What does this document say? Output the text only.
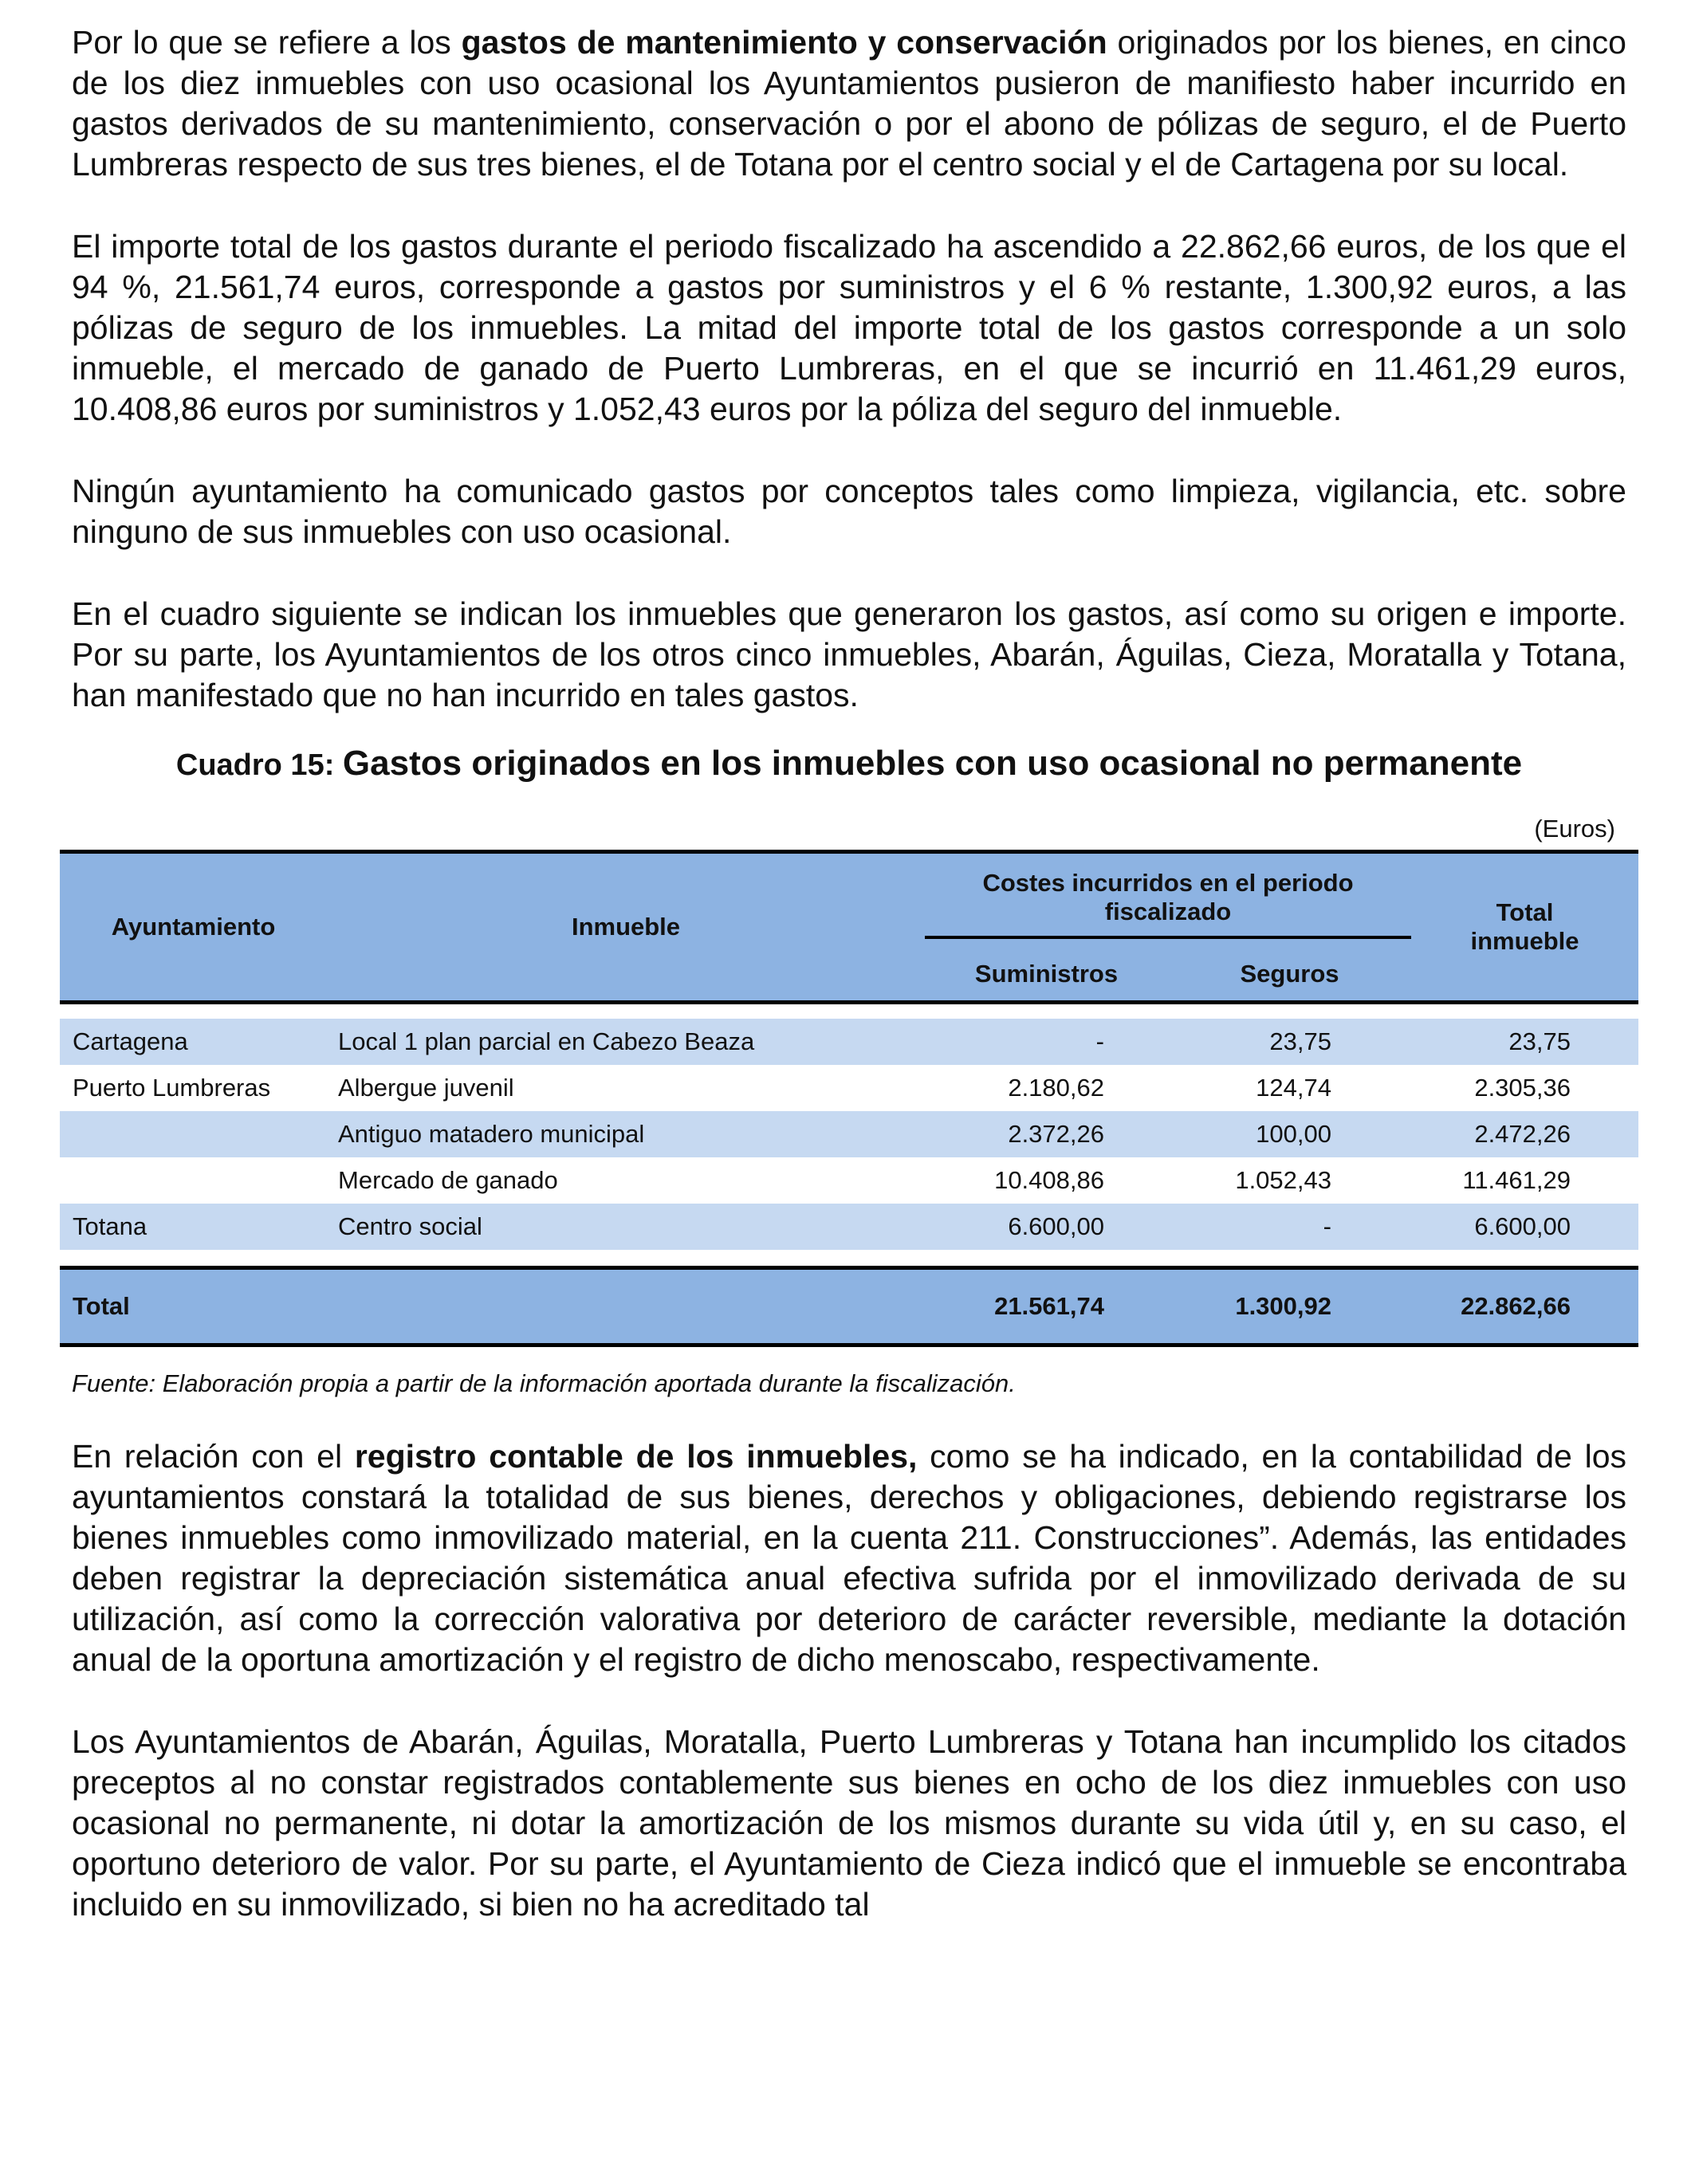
Por lo que se refiere a los gastos de mantenimiento y conservación originados por los bienes, en cinco de los diez inmuebles con uso ocasional los Ayuntamientos pusieron de manifiesto haber incurrido en gastos derivados de su mantenimiento, conservación o por el abono de pólizas de seguro, el de Puerto Lumbreras respecto de sus tres bienes, el de Totana por el centro social y el de Cartagena por su local.

El importe total de los gastos durante el periodo fiscalizado ha ascendido a 22.862,66 euros, de los que el 94 %, 21.561,74 euros, corresponde a gastos por suministros y el 6 % restante, 1.300,92 euros, a las pólizas de seguro de los inmuebles. La mitad del importe total de los gastos corresponde a un solo inmueble, el mercado de ganado de Puerto Lumbreras, en el que se incurrió en 11.461,29 euros, 10.408,86 euros por suministros y 1.052,43 euros por la póliza del seguro del inmueble.

Ningún ayuntamiento ha comunicado gastos por conceptos tales como limpieza, vigilancia, etc. sobre ninguno de sus inmuebles con uso ocasional.

En el cuadro siguiente se indican los inmuebles que generaron los gastos, así como su origen e importe. Por su parte, los Ayuntamientos de los otros cinco inmuebles, Abarán, Águilas, Cieza, Moratalla y Totana, han manifestado que no han incurrido en tales gastos.

Cuadro 15: Gastos originados en los inmuebles con uso ocasional no permanente
(Euros)
Ayuntamiento	Inmueble	Costes incurridos en el periodo fiscalizado		Total inmueble
		Suministros	Seguros	

Cartagena	Local 1 plan parcial en Cabezo Beaza	-	23,75	23,75
Puerto Lumbreras	Albergue juvenil	2.180,62	124,74	2.305,36
	Antiguo matadero municipal	2.372,26	100,00	2.472,26
	Mercado de ganado	10.408,86	1.052,43	11.461,29
Totana	Centro social	6.600,00	-	6.600,00

Total		21.561,74	1.300,92	22.862,66
Fuente: Elaboración propia a partir de la información aportada durante la fiscalización.

En relación con el registro contable de los inmuebles, como se ha indicado, en la contabilidad de los ayuntamientos constará la totalidad de sus bienes, derechos y obligaciones, debiendo registrarse los bienes inmuebles como inmovilizado material, en la cuenta 211. Construcciones”. Además, las entidades deben registrar la depreciación sistemática anual efectiva sufrida por el inmovilizado derivada de su utilización, así como la corrección valorativa por deterioro de carácter reversible, mediante la dotación anual de la oportuna amortización y el registro de dicho menoscabo, respectivamente.

Los Ayuntamientos de Abarán, Águilas, Moratalla, Puerto Lumbreras y Totana han incumplido los citados preceptos al no constar registrados contablemente sus bienes en ocho de los diez inmuebles con uso ocasional no permanente, ni dotar la amortización de los mismos durante su vida útil y, en su caso, el oportuno deterioro de valor. Por su parte, el Ayuntamiento de Cieza indicó que el inmueble se encontraba incluido en su inmovilizado, si bien no ha acreditado tal
